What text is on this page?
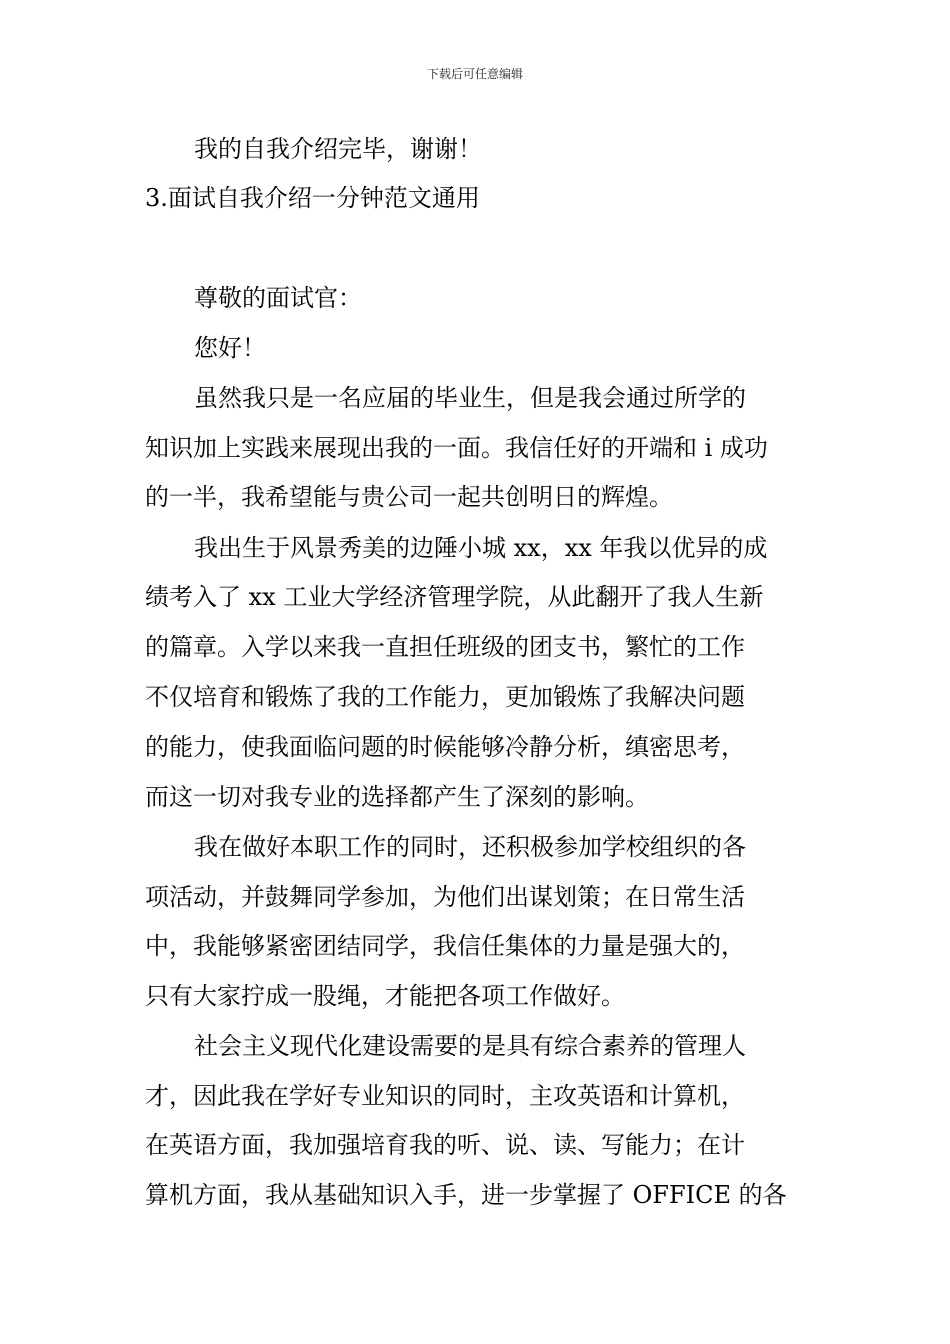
下载后可任意编辑
我的自我介绍完毕，谢谢！
3.面试自我介绍一分钟范文通用
尊敬的面试官：
您好！
虽然我只是一名应届的毕业生，但是我会通过所学的
知识加上实践来展现出我的一面。我信任好的开端和 i 成功
的一半，我希望能与贵公司一起共创明日的辉煌。
我出生于风景秀美的边陲小城 xx，xx 年我以优异的成
绩考入了 xx 工业大学经济管理学院，从此翻开了我人生新
的篇章。入学以来我一直担任班级的团支书，繁忙的工作
不仅培育和锻炼了我的工作能力，更加锻炼了我解决问题
的能力，使我面临问题的时候能够冷静分析，缜密思考，
而这一切对我专业的选择都产生了深刻的影响。
我在做好本职工作的同时，还积极参加学校组织的各
项活动，并鼓舞同学参加，为他们出谋划策；在日常生活
中，我能够紧密团结同学，我信任集体的力量是强大的，
只有大家拧成一股绳，才能把各项工作做好。
社会主义现代化建设需要的是具有综合素养的管理人
才，因此我在学好专业知识的同时，主攻英语和计算机，
在英语方面，我加强培育我的听、说、读、写能力；在计
算机方面，我从基础知识入手，进一步掌握了 OFFICE 的各
